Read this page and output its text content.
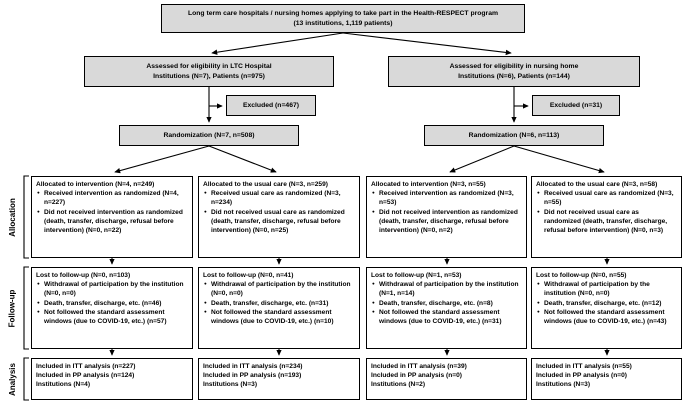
Long term care hospitals / nursing homes applying to take part in the Health-RESPECT program
(13 institutions, 1,119 patients)
Assessed for eligibility in LTC Hospital
Institutions (N=7), Patients (n=975)
Assessed for eligibility in nursing home
Institutions (N=6), Patients (n=144)
Excluded (n=467)	Excluded (n=31)
Randomization (N=7, n=508)	Randomization (N=6, n=113)
Allocation
Follow-up
Analysis
Allocated to intervention (N=4, n=249)
● Received intervention as randomized (N=4, n=227)
● Did not received intervention as randomized (death, transfer, discharge, refusal before intervention) (N=0, n=22)
Allocated to the usual care (N=3, n=259)
● Received usual care as randomized (N=3, n=234)
● Did not received usual care as randomized (death, transfer, discharge, refusal before intervention) (N=0, n=25)
Allocated to intervention (N=3, n=55)
● Received intervention as randomized (N=3, n=53)
● Did not received intervention as randomized (death, transfer, discharge, refusal before intervention) (N=0, n=2)
Allocated to the usual care (N=3, n=58)
● Received usual care as randomized (N=3, n=55)
● Did not received usual care as randomized (death, transfer, discharge, refusal before intervention) (N=0, n=3)
Lost to follow-up (N=0, n=103)
● Withdrawal of participation by the institution (N=0, n=0)
● Death, transfer, discharge, etc. (n=46)
● Not followed the standard assessment windows (due to COVID-19, etc.) (n=57)
Lost to follow-up (N=0, n=41)
● Withdrawal of participation by the institution (N=0, n=0)
● Death, transfer, discharge, etc. (n=31)
● Not followed the standard assessment windows (due to COVID-19, etc.) (n=10)
Lost to follow-up (N=1, n=53)
● Withdrawal of participation by the institution (N=1, n=14)
● Death, transfer, discharge, etc. (n=8)
● Not followed the standard assessment windows (due to COVID-19, etc.) (n=31)
Lost to follow-up (N=0, n=55)
● Withdrawal of participation by the institution (N=0, n=0)
● Death, transfer, discharge, etc. (n=12)
● Not followed the standard assessment windows (due to COVID-19, etc.) (n=43)
Included in ITT analysis (n=227)
Included in PP analysis (n=124)
Institutions (N=4)
Included in ITT analysis (n=234)
Included in PP analysis (n=193)
Institutions (N=3)
Included in ITT analysis (n=39)
Included in PP analysis (n=0)
Institutions (N=2)
Included in ITT analysis (n=55)
Included in PP analysis (n=0)
Institutions (N=3)
